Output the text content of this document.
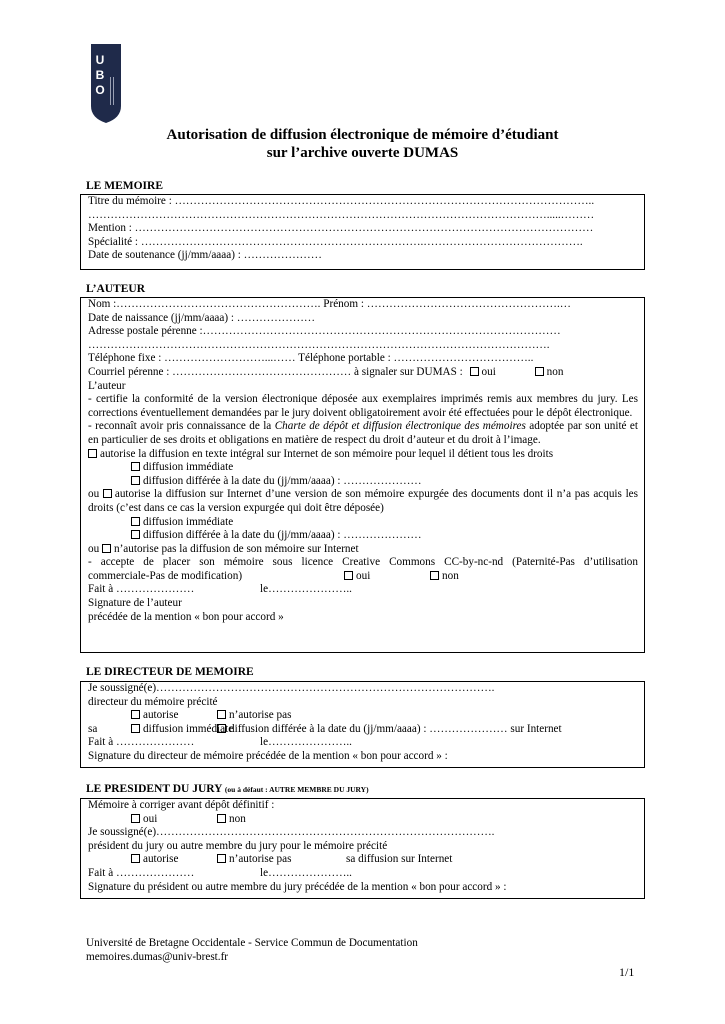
U
B
O
Autorisation de diffusion électronique de mémoire d’étudiant
sur l’archive ouverte DUMAS
LE MEMOIRE
Titre du mémoire : …………………………………………………………………………………………………..
…………………………………………………………………………………………………………….....………
Mention : ……………………………………………………………………………………………………………
Spécialité : ………………………………………………………………….…………………………………….
Date de soutenance (jj/mm/aaaa) : …………………
L’AUTEUR
Nom :………………………………………………. Prénom : …………………………………………….…
Date de naissance (jj/mm/aaaa) : …………………
Adresse postale pérenne :……………………………………………………………………………………
…………………………………………………………………………………………………………….
Téléphone fixe : ………………………...…… Téléphone portable : ………………………………..
Courriel pérenne : ………………………………………… à signaler sur DUMAS : oui	non
L’auteur
- certifie la conformité de la version électronique déposée aux exemplaires imprimés remis aux membres du jury. Les corrections éventuellement demandées par le jury doivent obligatoirement avoir été effectuées pour le dépôt électronique.
- reconnaît avoir pris connaissance de la Charte de dépôt et diffusion électronique des mémoires adoptée par son unité et en particulier de ses droits et obligations en matière de respect du droit d’auteur et du droit à l’image.
autorise la diffusion en texte intégral sur Internet de son mémoire pour lequel il détient tous les droits
diffusion immédiate
diffusion différée à la date du (jj/mm/aaaa) : …………………
ou autorise la diffusion sur Internet d’une version de son mémoire expurgée des documents dont il n’a pas acquis les droits (c’est dans ce cas la version expurgée qui doit être déposée)
diffusion immédiate
diffusion différée à la date du (jj/mm/aaaa) : …………………
ou n’autorise pas la diffusion de son mémoire sur Internet
- accepte de placer son mémoire sous licence Creative Commons CC-by-nc-nd (Paternité-Pas d’utilisation
commerciale-Pas de modification)	oui	non
Fait à …………………	le…………………..
Signature de l’auteur
précédée de la mention « bon pour accord »
LE DIRECTEUR DE MEMOIRE
Je soussigné(e)……………………………………………………………………………….
directeur du mémoire précité
autorise	n’autorise pas
sa	diffusion immédiatediffusion différée à la date du (jj/mm/aaaa) : ………………… sur Internet
Fait à …………………	le…………………..
Signature du directeur de mémoire précédée de la mention « bon pour accord » :
LE PRESIDENT DU JURY (ou à défaut : AUTRE MEMBRE DU JURY)
Mémoire à corriger avant dépôt définitif :
oui	non
Je soussigné(e)……………………………………………………………………………….
président du jury ou autre membre du jury pour le mémoire précité
autorise	n’autorise pas	sa diffusion sur Internet
Fait à …………………	le…………………..
Signature du président ou autre membre du jury précédée de la mention « bon pour accord » :
Université de Bretagne Occidentale - Service Commun de Documentation
memoires.dumas@univ-brest.fr
1/1
